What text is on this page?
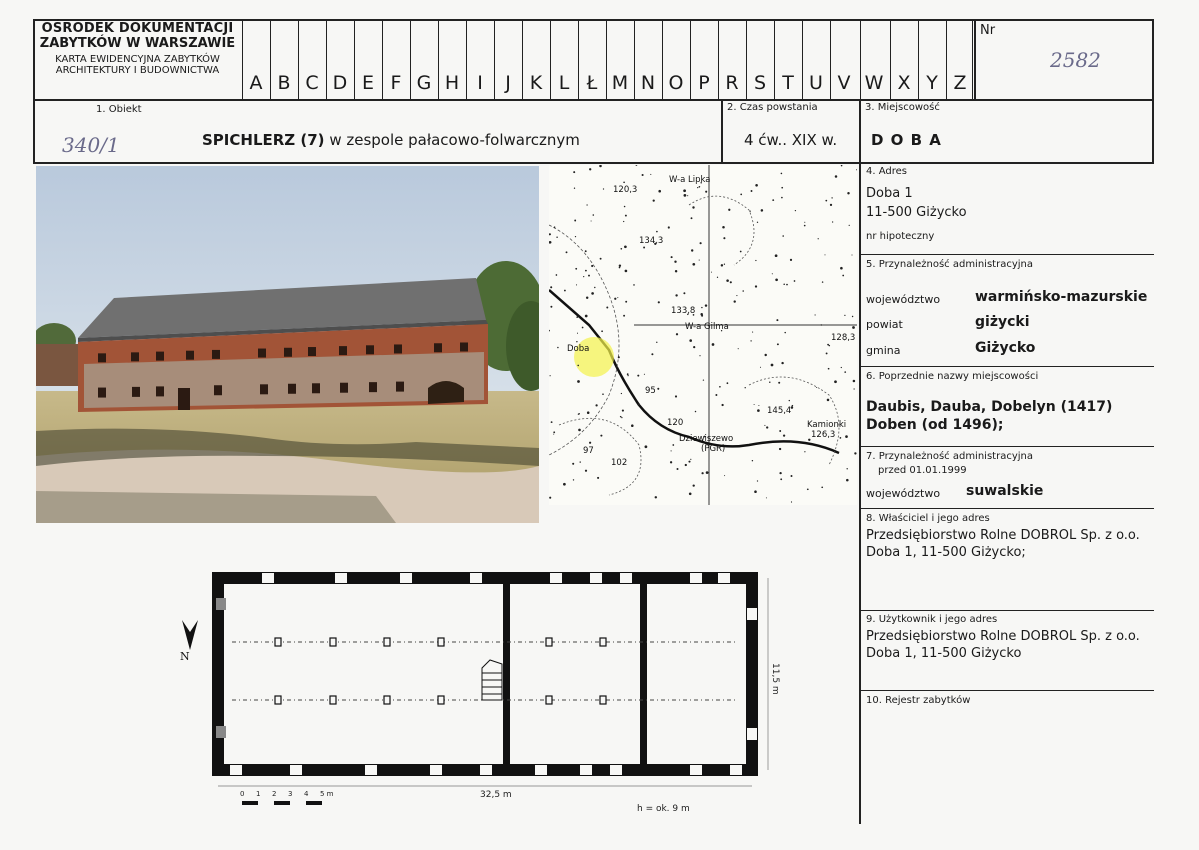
Nr
2582
OŚRODEK DOKUMENTACJI
ZABYTKÓW W WARSZAWIE
KARTA EWIDENCYJNA ZABYTKÓW
ARCHITEKTURY I BUDOWNICTWA
A B C D E F G H I	J K L Ł M N O P R S T U V W X Y Z
1. Obiekt
340/1	SPICHLERZ (7) w zespole pałacowo-folwarcznym
2. Czas powstania
4 ćw.. XIX w.
3. Miejscowość
D O B A
4. Adres
Doba 1
11-500 Giżycko
nr hipoteczny
5. Przynależność administracyjna
województwo warmińsko-mazurskie
powiat	giżycki
gmina	Giżycko
6. Poprzednie nazwy miejscowości
Daubis, Dauba, Dobelyn (1417)
Doben (od 1496);
7. Przynależność administracyjna
przed 01.01.1999
województwo suwalskie
8. Właściciel i jego adres
Przedsiębiorstwo Rolne DOBROL Sp. z o.o.
Doba 1, 11-500 Giżycko;
9. Użytkownik i jego adres
Przedsiębiorstwo Rolne DOBROL Sp. z o.o.
Doba 1, 11-500 Giżycko
10. Rejestr zabytków
W-a Lipka
120,3
134,3
133,8
W-a Gilma
128,3
Doba
Dziewiszewo
(PGR)
145,4
Kamionki
126,3
97
102
120
95
32,5 m
h = ok. 9 m
11,5 m
0 1 2 3 4 5 m
N
